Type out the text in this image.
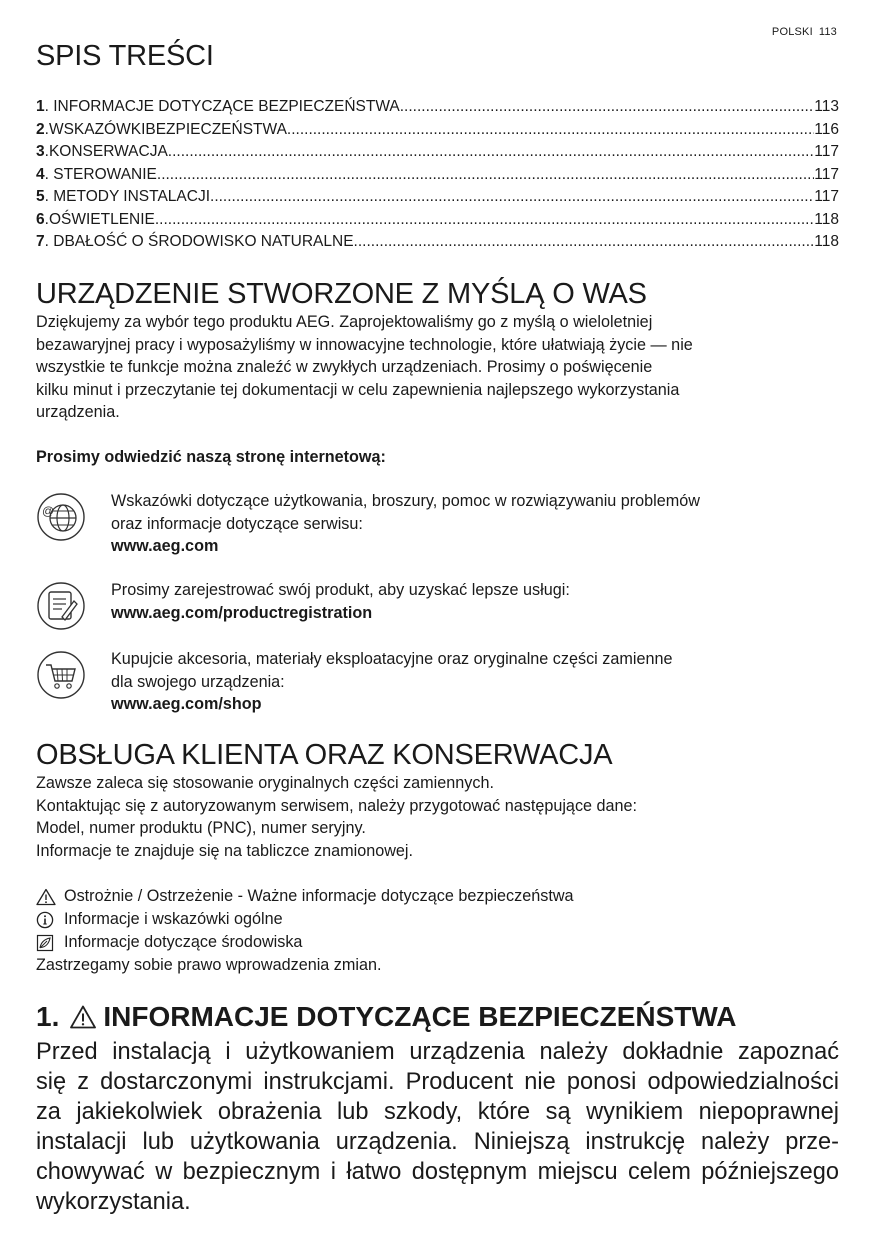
POLSKI 113
SPIS TREŚCI
1 . INFORMACJE DOTYCZĄCE BEZPIECZEŃSTWA .....	113
2 . WSKAZÓWKIBEZPIECZEŃSTWA .....	116
3 . KONSERWACJA .....	117
4 . STEROWANIE .....	117
5 . METODY INSTALACJI .....	117
6 . OŚWIETLENIE .....	118
7 . DBAŁOŚĆ O ŚRODOWISKO NATURALNE .....	118
URZĄDZENIE STWORZONE Z MYŚLĄ O WAS

Dziękujemy za wybór tego produktu AEG. Zaprojektowaliśmy go z myślą o wieloletniej

bezawaryjnej pracy i wyposażyliśmy w innowacyjne technologie, które ułatwiają życie — nie

wszystkie te funkcje można znaleźć w zwykłych urządzeniach. Prosimy o poświęcenie

kilku minut i przeczytanie tej dokumentacji w celu zapewnienia najlepszego wykorzystania

urządzenia.

Prosimy odwiedzić naszą stronę internetową:
@

Wskazówki dotyczące użytkowania, broszury, pomoc w rozwiązywaniu problemów

oraz informacje dotyczące serwisu:

www.aeg.com

Prosimy zarejestrować swój produkt, aby uzyskać lepsze usługi:

www.aeg.com/productregistration

Kupujcie akcesoria, materiały eksploatacyjne oraz oryginalne części zamienne

dla swojego urządzenia:

www.aeg.com/shop

OBSŁUGA KLIENTA ORAZ KONSERWACJA

Zawsze zaleca się stosowanie oryginalnych części zamiennych.

Kontaktując się z autoryzowanym serwisem, należy przygotować następujące dane:

Model, numer produktu (PNC), numer seryjny.

Informacje te znajduje się na tabliczce znamionowej.

Ostrożnie / Ostrzeżenie - Ważne informacje dotyczące bezpieczeństwa
Informacje i wskazówki ogólne
Informacje dotyczące środowiska
Zastrzegamy sobie prawo wprowadzenia zmian.
1. INFORMACJE DOTYCZĄCE BEZPIECZEŃSTWA

Przed instalacją i użytkowaniem urządzenia należy dokładnie zapoznać

się z dostarczonymi instrukcjami. Producent nie ponosi odpowiedzialności

za jakiekolwiek obrażenia lub szkody, które są wynikiem niepoprawnej

instalacji lub użytkowania urządzenia. Niniejszą instrukcję należy prze-

chowywać w bezpiecznym i łatwo dostępnym miejscu celem późniejszego

wykorzystania.
